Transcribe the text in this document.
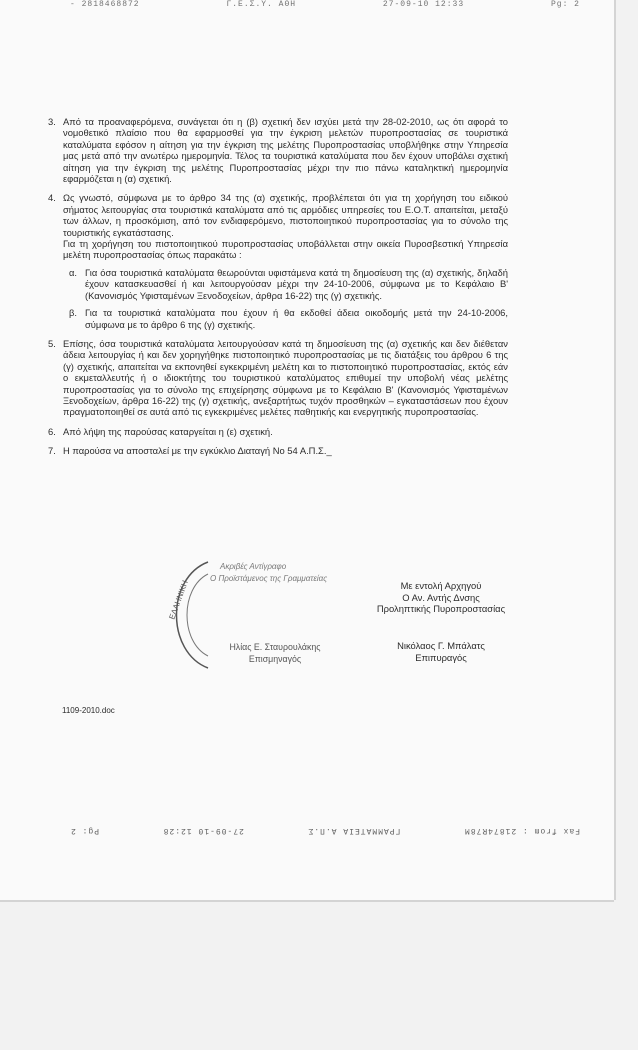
- 2818468872	Γ.Ε.Σ.Υ. ΑΘΗ	27-09-10 12:33	Pg: 2
3. Από τα προαναφερόμενα, συνάγεται ότι η (β) σχετική δεν ισχύει μετά την 28-02-2010, ως ότι αφορά το νομοθετικό πλαίσιο που θα εφαρμοσθεί για την έγκριση μελετών πυροπροστασίας σε τουριστικά καταλύματα εφόσον η αίτηση για την έγκριση της μελέτης Πυροπροστασίας υποβλήθηκε στην Υπηρεσία μας μετά από την ανωτέρω ημερομηνία. Τέλος τα τουριστικά καταλύματα που δεν έχουν υποβάλει σχετική αίτηση για την έγκριση της μελέτης Πυροπροστασίας μέχρι την πιο πάνω καταληκτική ημερομηνία εφαρμόζεται η (α) σχετική.
4. Ως γνωστό, σύμφωνα με το άρθρο 34 της (α) σχετικής, προβλέπεται ότι για τη χορήγηση του ειδικού σήματος λειτουργίας στα τουριστικά καταλύματα από τις αρμόδιες υπηρεσίες του Ε.Ο.Τ. απαιτείται, μεταξύ των άλλων, η προσκόμιση, από τον ενδιαφερόμενο, πιστοποιητικού πυροπροστασίας για το σύνολο της τουριστικής εγκατάστασης.

Για τη χορήγηση του πιστοποιητικού πυροπροστασίας υποβάλλεται στην οικεία Πυροσβεστική Υπηρεσία μελέτη πυροπροστασίας όπως παρακάτω :

α. Για όσα τουριστικά καταλύματα θεωρούνται υφιστάμενα κατά τη δημοσίευση της (α) σχετικής, δηλαδή έχουν κατασκευασθεί ή και λειτουργούσαν μέχρι την 24-10-2006, σύμφωνα με το Κεφάλαιο Β' (Κανονισμός Υφισταμένων Ξενοδοχείων, άρθρα 16-22) της (γ) σχετικής.
β. Για τα τουριστικά καταλύματα που έχουν ή θα εκδοθεί άδεια οικοδομής μετά την 24-10-2006, σύμφωνα με το άρθρο 6 της (γ) σχετικής.
5. Επίσης, όσα τουριστικά καταλύματα λειτουργούσαν κατά τη δημοσίευση της (α) σχετικής και δεν διέθεταν άδεια λειτουργίας ή και δεν χορηγήθηκε πιστοποιητικό πυροπροστασίας με τις διατάξεις του άρθρου 6 της (γ) σχετικής, απαιτείται να εκπονηθεί εγκεκριμένη μελέτη και το πιστοποιητικό πυροπροστασίας, εκτός εάν ο εκμεταλλευτής ή ο ιδιοκτήτης του τουριστικού καταλύματος επιθυμεί την υποβολή νέας μελέτης πυροπροστασίας για το σύνολο της επιχείρησης σύμφωνα με το Κεφάλαιο Β' (Κανονισμός Υφισταμένων Ξενοδοχείων, άρθρα 16-22) της (γ) σχετικής, ανεξαρτήτως τυχόν προσθηκών – εγκαταστάσεων που έχουν πραγματοποιηθεί σε αυτά από τις εγκεκριμένες μελέτες παθητικής και ενεργητικής πυροπροστασίας.
6. Από λήψη της παρούσας καταργείται η (ε) σχετική.
7. Η παρούσα να αποσταλεί με την εγκύκλιο Διαταγή Νο 54 Α.Π.Σ._
ΕΛΛΗΝΙΚΗ
Ακριβές Αντίγραφο
Ο Προϊστάμενος της Γραμματείας
Με εντολή Αρχηγού
Ο Αν. Αντής Δνσης
Προληπτικής Πυροπροστασίας
Ηλίας Ε. Σταυρουλάκης
Επισμηναγός
Νικόλαος Γ. Μπάλατς
Επιπυραγός
1109-2010.doc
Fax from : 21874R78M
ΓΡΑΜΜΑΤΕΙΑ Α.Π.Σ
27-09-10 12:28
Pg: 2
